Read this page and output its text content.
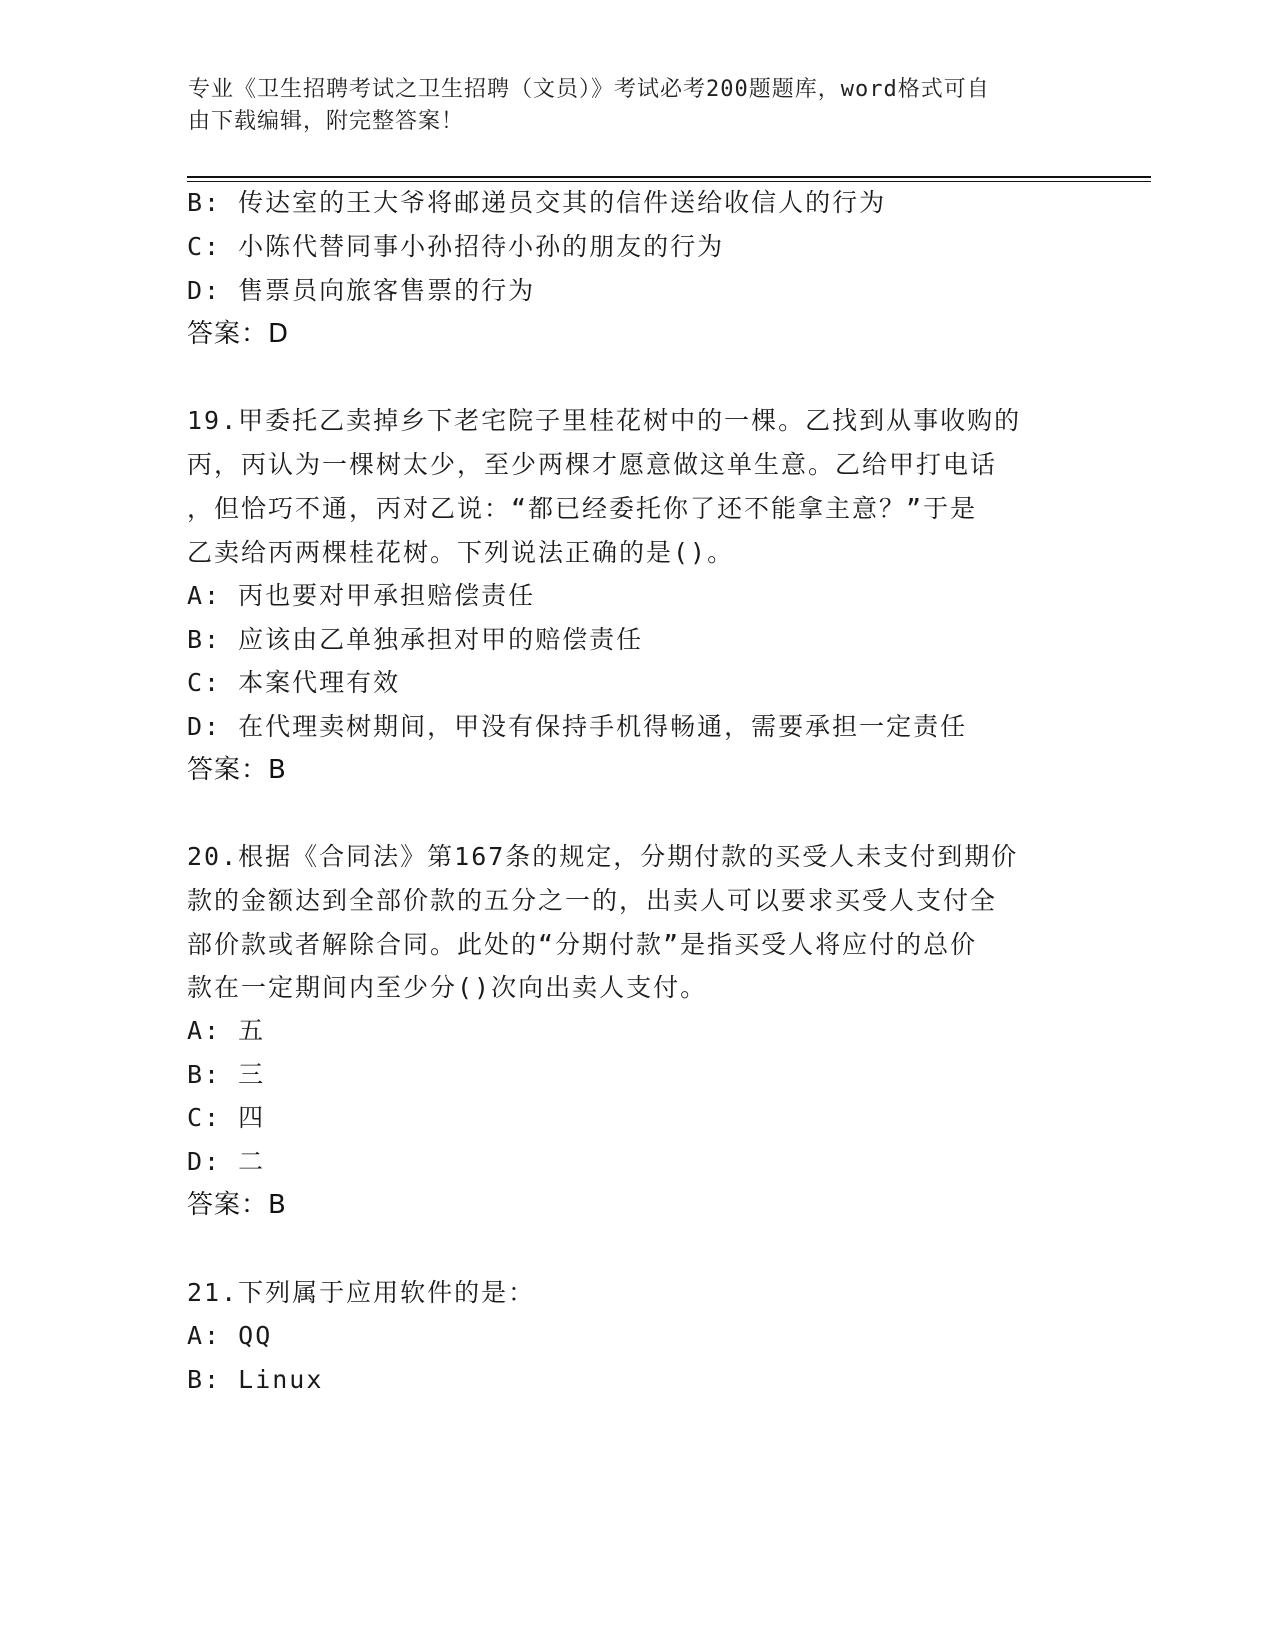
专业《卫生招聘考试之卫生招聘（文员）》考试必考200题题库，word格式可自
由下载编辑，附完整答案！
B: 传达室的王大爷将邮递员交其的信件送给收信人的行为
C: 小陈代替同事小孙招待小孙的朋友的行为
D: 售票员向旅客售票的行为
答案：D
19.甲委托乙卖掉乡下老宅院子里桂花树中的一棵。乙找到从事收购的
丙，丙认为一棵树太少，至少两棵才愿意做这单生意。乙给甲打电话
，但恰巧不通，丙对乙说：“都已经委托你了还不能拿主意？”于是
乙卖给丙两棵桂花树。下列说法正确的是()。
A: 丙也要对甲承担赔偿责任
B: 应该由乙单独承担对甲的赔偿责任
C: 本案代理有效
D: 在代理卖树期间，甲没有保持手机得畅通，需要承担一定责任
答案：B
20.根据《合同法》第167条的规定，分期付款的买受人未支付到期价
款的金额达到全部价款的五分之一的，出卖人可以要求买受人支付全
部价款或者解除合同。此处的“分期付款”是指买受人将应付的总价
款在一定期间内至少分()次向出卖人支付。
A: 五
B: 三
C: 四
D: 二
答案：B
21.下列属于应用软件的是：
A: QQ
B: Linux
